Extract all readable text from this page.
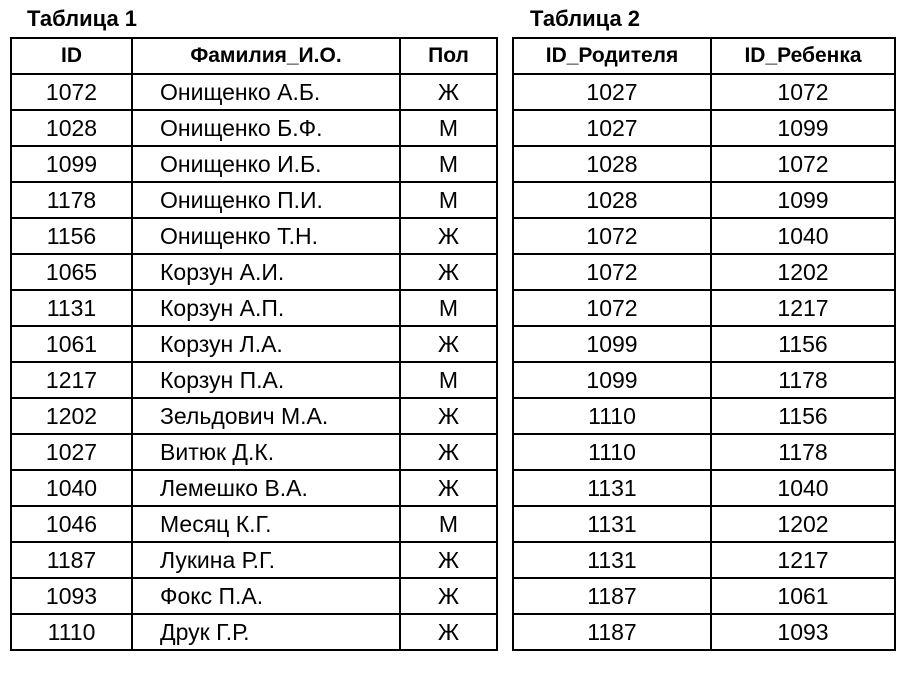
Таблица 1	Таблица 2
ID	Фамилия_И.О.	Пол
1072	Онищенко А.Б.	Ж
1028	Онищенко Б.Ф.	М
1099	Онищенко И.Б.	М
1178	Онищенко П.И.	М
1156	Онищенко Т.Н.	Ж
1065	Корзун А.И.	Ж
1131	Корзун А.П.	М
1061	Корзун Л.А.	Ж
1217	Корзун П.А.	М
1202	Зельдович М.А.	Ж
1027	Витюк Д.К.	Ж
1040	Лемешко В.А.	Ж
1046	Месяц К.Г.	М
1187	Лукина Р.Г.	Ж
1093	Фокс П.А.	Ж
1110	Друк Г.Р.	Ж
ID_Родителя	ID_Ребенка
1027	1072
1027	1099
1028	1072
1028	1099
1072	1040
1072	1202
1072	1217
1099	1156
1099	1178
1110	1156
1110	1178
1131	1040
1131	1202
1131	1217
1187	1061
1187	1093
